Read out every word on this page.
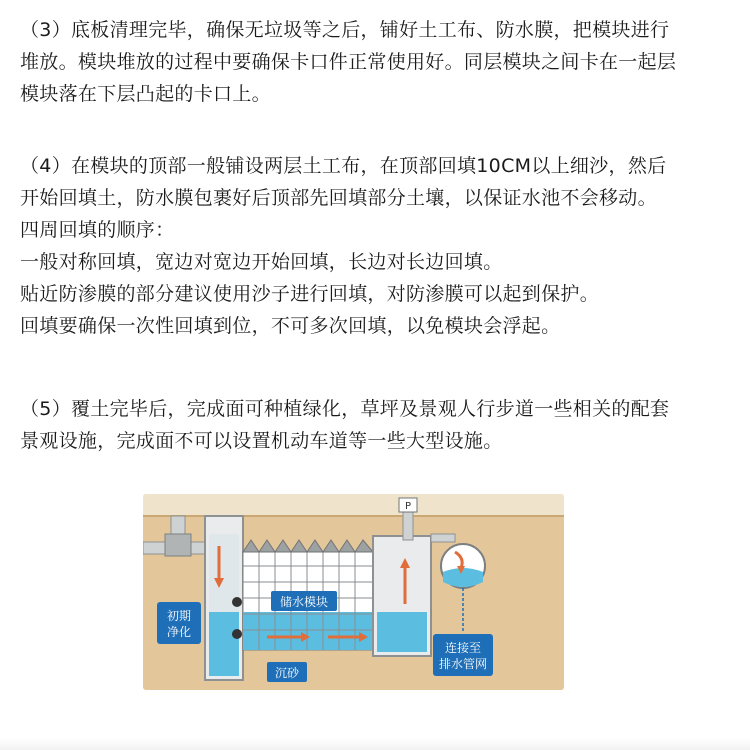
（3）底板清理完毕，确保无垃圾等之后，铺好土工布、防水膜，把模块进行
堆放。模块堆放的过程中要确保卡口件正常使用好。同层模块之间卡在一起层
模块落在下层凸起的卡口上。
（4）在模块的顶部一般铺设两层土工布，在顶部回填10CM以上细沙，然后
开始回填土，防水膜包裹好后顶部先回填部分土壤，以保证水池不会移动。
四周回填的顺序：
一般对称回填，宽边对宽边开始回填，长边对长边回填。
贴近防渗膜的部分建议使用沙子进行回填，对防渗膜可以起到保护。
回填要确保一次性回填到位，不可多次回填，以免模块会浮起。
（5）覆土完毕后，完成面可种植绿化，草坪及景观人行步道一些相关的配套
景观设施，完成面不可以设置机动车道等一些大型设施。
P
初期
净化
储水模块
沉砂
连接至
排水管网
